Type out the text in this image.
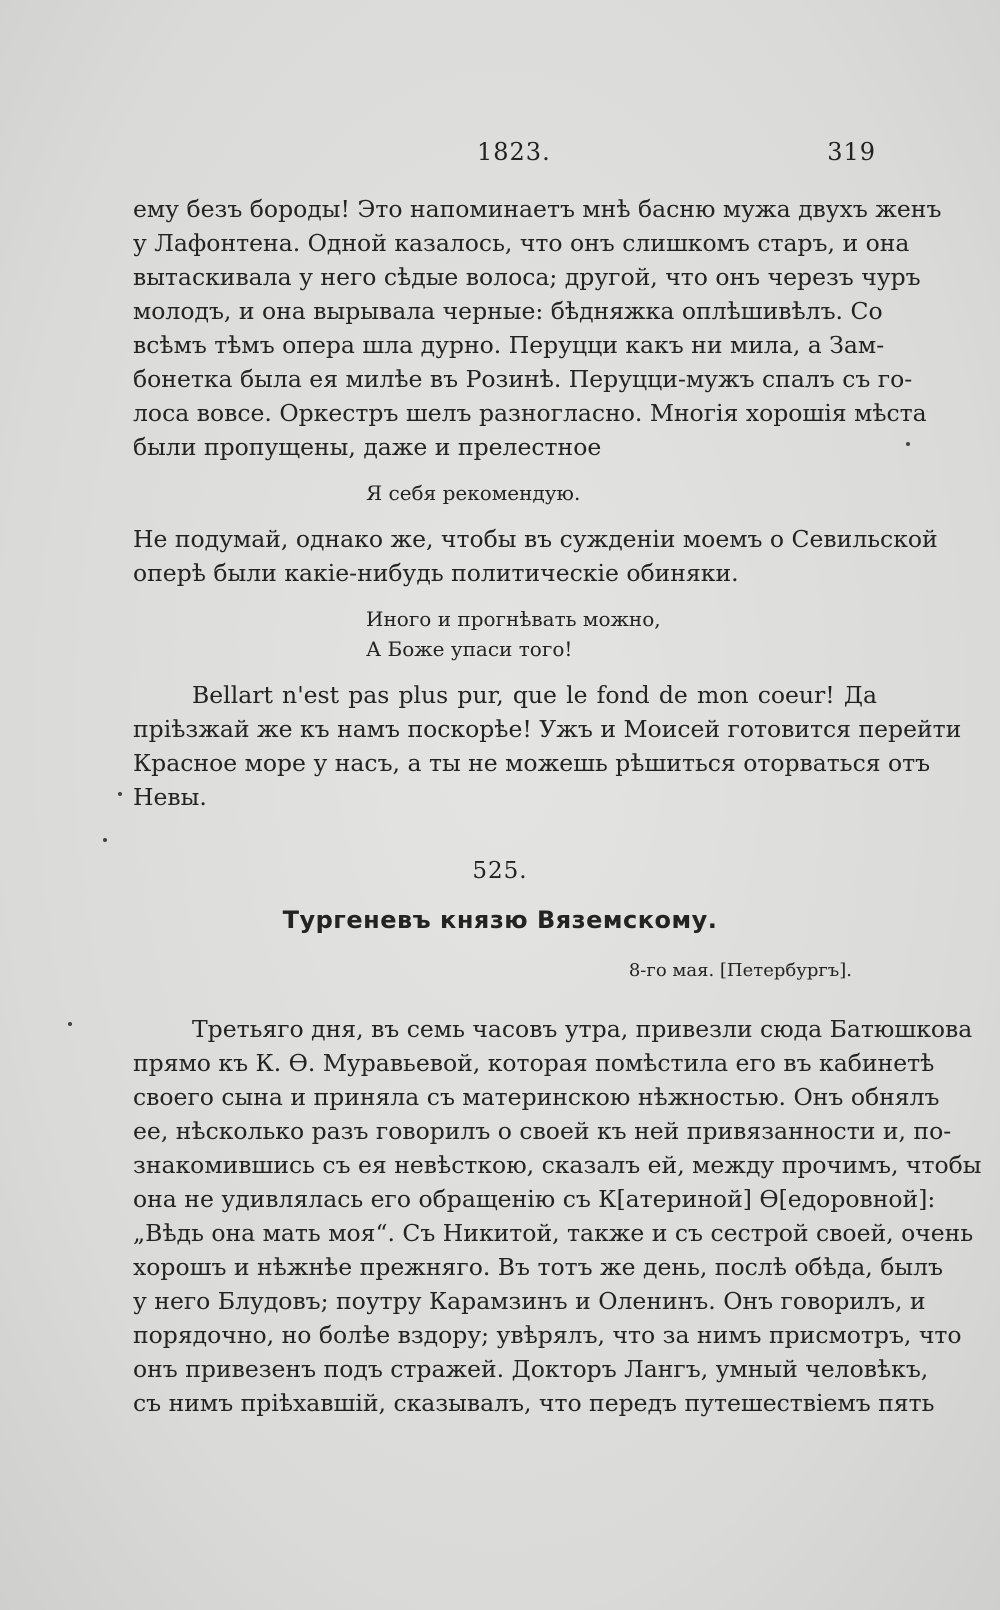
1823.	319
ему безъ бороды! Это напоминаетъ мнѣ басню мужа двухъ женъ
у Лафонтена. Одной казалось, что онъ слишкомъ старъ, и она
вытаскивала у него сѣдые волоса; другой, что онъ черезъ чуръ
молодъ, и она вырывала черные: бѣдняжка оплѣшивѣлъ. Со
всѣмъ тѣмъ опера шла дурно. Перуцци какъ ни мила, а Зам-
бонетка была ея милѣе въ Розинѣ. Перуцци-мужъ спалъ съ го-
лоса вовсе. Оркестръ шелъ разногласно. Многія хорошія мѣста
были пропущены, даже и прелестное
Я себя рекомендую.
Не подумай, однако же, чтобы въ сужденіи моемъ о Севильской
оперѣ были какіе-нибудь политическіе обиняки.
Иного и прогнѣвать можно,
А Боже упаси того!
Bellart n'est pas plus pur, que le fond de mon coeur! Да
пріѣзжай же къ намъ поскорѣе! Ужъ и Моисей готовится перейти
Красное море у насъ, а ты не можешь рѣшиться оторваться отъ
Невы.
525.
Тургеневъ князю Вяземскому.
8-го мая. [Петербургъ].
Третьяго дня, въ семь часовъ утра, привезли сюда Батюшкова
прямо къ К. Ѳ. Муравьевой, которая помѣстила его въ кабинетѣ
своего сына и приняла съ материнскою нѣжностью. Онъ обнялъ
ее, нѣсколько разъ говорилъ о своей къ ней привязанности и, по-
знакомившись съ ея невѣсткою, сказалъ ей, между прочимъ, чтобы
она не удивлялась его обращенію съ К[атериной] Ѳ[едоровной]:
„Вѣдь она мать моя“. Съ Никитой, также и съ сестрой своей, очень
хорошъ и нѣжнѣе прежняго. Въ тотъ же день, послѣ обѣда, былъ
у него Блудовъ; поутру Карамзинъ и Оленинъ. Онъ говорилъ, и
порядочно, но болѣе вздору; увѣрялъ, что за нимъ присмотръ, что
онъ привезенъ подъ стражей. Докторъ Лангъ, умный человѣкъ,
съ нимъ пріѣхавшій, сказывалъ, что передъ путешествіемъ пять
